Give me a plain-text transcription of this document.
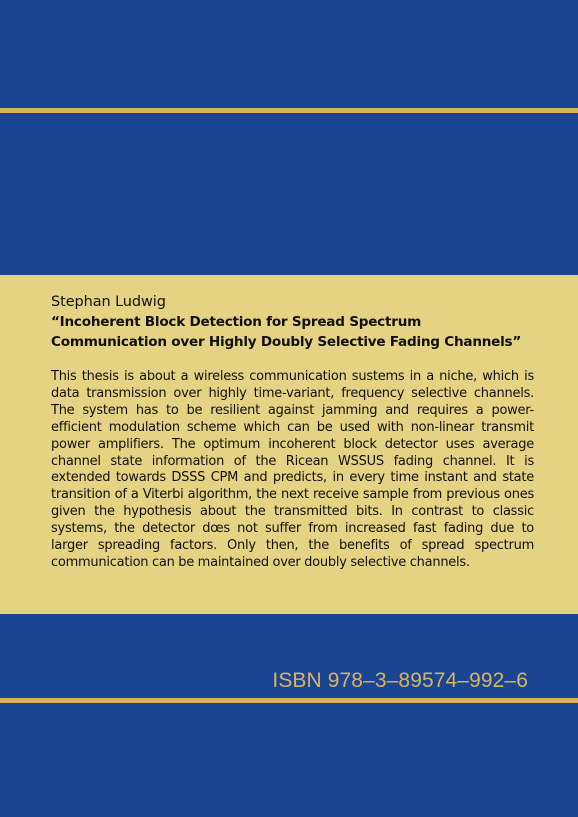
Stephan Ludwig

“Incoherent Block Detection for Spread Spectrum Communication over Highly Doubly Selective Fading Channels”

This thesis is about a wireless communication sustems in a niche, which is data transmission over highly time-variant, frequency selective channels. The system has to be resilient against jamming and requires a power-efficient modulation scheme which can be used with non-linear transmit power amplifiers. The optimum incoherent block detector uses average channel state information of the Ricean WSSUS fading channel. It is extended towards DSSS CPM and predicts, in every time instant and state transition of a Viterbi algorithm, the next receive sample from previous ones given the hypothesis about the transmitted bits. In contrast to classic systems, the detector dœs not suffer from increased fast fading due to larger spreading factors. Only then, the benefits of spread spectrum communication can be maintained over doubly selective channels.
ISBN 978–3–89574–992–6
